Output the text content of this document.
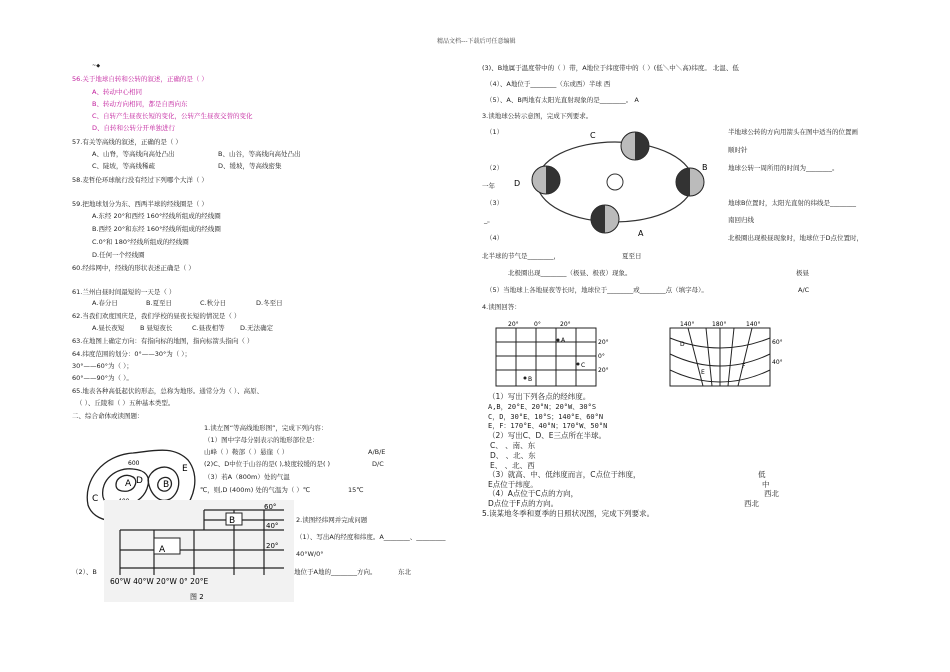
精品文档---下载后可任意编辑
~◆
56.关于地球自转和公转的叙述，正确的是（ ）
A、转动中心相同
B、转动方向相同，都是自西向东
C、自转产生昼夜长短的变化，公转产生昼夜交替的变化
D、自转和公转分开单独进行
57.有关等高线的叙述，正确的是（ ）
A、山脊，等高线向高处凸出	B、山谷，等高线向高处凸出
C、陡坡，等高线稀疏	D、缓坡，等高线密集
58.麦哲伦环球航行没有经过下列哪个大洋（ ）
59.把地球划分为东、西两半球的经线圈是（ ）
A.东经 20°和西经 160°经线所组成的经线圈
B.西经 20°和东经 160°经线所组成的经线圈
C.0°和 180°经线所组成的经线圈
D.任何一个经线圈
60.经纬网中，经线的形状表述正确是（ ）
61.兰州白昼时间最短的一天是（ ）
A.春分日	B.夏至日	C.秋分日	D.冬至日
62.当我们欢度国庆是，我们学校的昼夜长短的情况是（ ）
A.昼长夜短 B 昼短夜长	C.昼夜相等 D.无法确定
63.在地图上确定方向：有指向标的地图，指向标箭头指向（ ）
64.纬度范围的划分：0°——30°为（ ）；
30°——60°为（ ）；
60°——90°为（ ）。
65.地表各种高低起伏的形态，总称为地形。通常分为（ ）、高原、
（ ）、丘陵和（ ）五种基本类型。
二、综合命体或读图题：
A	B
C
D
E
600
1.读左图“等高线地形图”，完成下列内容：
（1）图中字母分别表示的地形部位是：
山峰（ ）鞍部（ ）悬崖（ ）	A/B/E
(2)C、D中位于山谷的是( ),坡度较缓的是( )	D/C
（3）若A（800m）处的气温
℃，则,D (400m) 处的气温为（ ）℃	15℃
B
A
60°
40°
20°
60°W 40°W 20°W 0° 20°E
图 2
2.读图经纬网并完成问题
（1）、写出A的经度和纬度。A________、_________
40°W/0°
（2）、B	地位于A地的________方向。	东北
(3)、B地属于温度带中的（ ）带，A地位于纬度带中的（ ）(低＼中＼高)纬度。 北温、低
（4）、A地位于________（东或西）半球 西
（5）、A、B两地有太阳光直射现象的是________。 A
3.读地球公转示意图，完成下列要求。
C
D
B
A
（1）	半地球公转的方向用箭头在图中适当的位置画
顺时针
（2）	地球公转一周所用的时间为________。
一年
（3）	地球B位置时，太阳光直射的纬线是________
_。	南回归线
（4）	北极圈出现极昼现象时，地球位于D点位置时，
北半球的节气是________，	夏至日
北极圈出现________（极昼、极夜）现象。	极昼
（5）当地球上各地昼夜等长时，地球位于________或________点（填字母）。	A/C
4.读图回答：
20°	0°	20°
20°
0°
20°
A
B
C
140°	180°	140°
60°
40°
D
E
F
（1）写出下列各点的经纬度。
A,B，20°E、20°N；20°W、30°S
C，D，30°E、10°S；140°E、60°N
E，F：170°E、40°N；170°W、50°N
（2）写出C、D、E三点所在半球。
C、 、南、东
D、 、北、东
E、 、北、西
（3）就高、中、低纬度而言，C点位于纬度，	低
E点位于纬度。	中
（4）A点位于C点的方向，	西北
D点位于F点的方向。	西北
5.读某地冬季和夏季的日照状况图，完成下列要求。
